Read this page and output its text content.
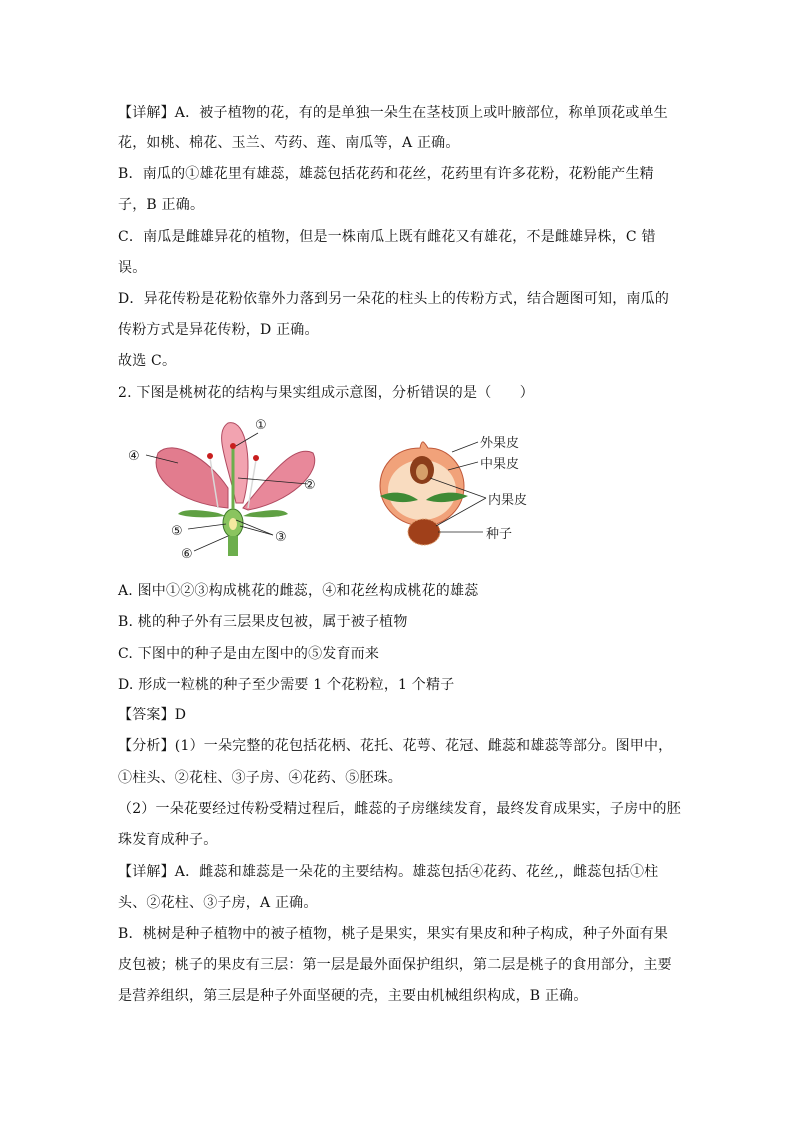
【详解】A．被子植物的花，有的是单独一朵生在茎枝顶上或叶腋部位，称单顶花或单生
花，如桃、棉花、玉兰、芍药、莲、南瓜等，A 正确。
B．南瓜的①雄花里有雄蕊，雄蕊包括花药和花丝，花药里有许多花粉，花粉能产生精
子，B 正确。
C．南瓜是雌雄异花的植物，但是一株南瓜上既有雌花又有雄花，不是雌雄异株，C 错
误。
D．异花传粉是花粉依靠外力落到另一朵花的柱头上的传粉方式，结合题图可知，南瓜的
传粉方式是异花传粉，D 正确。
故选 C。
2. 下图是桃树花的结构与果实组成示意图，分析错误的是（　　）
①
②
③
④
⑤
⑥
外果皮
中果皮
内果皮
种子
A. 图中①②③构成桃花的雌蕊，④和花丝构成桃花的雄蕊
B. 桃的种子外有三层果皮包被，属于被子植物
C. 下图中的种子是由左图中的⑤发育而来
D. 形成一粒桃的种子至少需要 1 个花粉粒，1 个精子
【答案】D
【分析】(1）一朵完整的花包括花柄、花托、花萼、花冠、雌蕊和雄蕊等部分。图甲中，
①柱头、②花柱、③子房、④花药、⑤胚珠。
（2）一朵花要经过传粉受精过程后，雌蕊的子房继续发育，最终发育成果实，子房中的胚
珠发育成种子。
【详解】A．雌蕊和雄蕊是一朵花的主要结构。雄蕊包括④花药、花丝,，雌蕊包括①柱
头、②花柱、③子房，A 正确。
B．桃树是种子植物中的被子植物，桃子是果实，果实有果皮和种子构成，种子外面有果
皮包被；桃子的果皮有三层：第一层是最外面保护组织，第二层是桃子的食用部分，主要
是营养组织，第三层是种子外面坚硬的壳，主要由机械组织构成，B 正确。
